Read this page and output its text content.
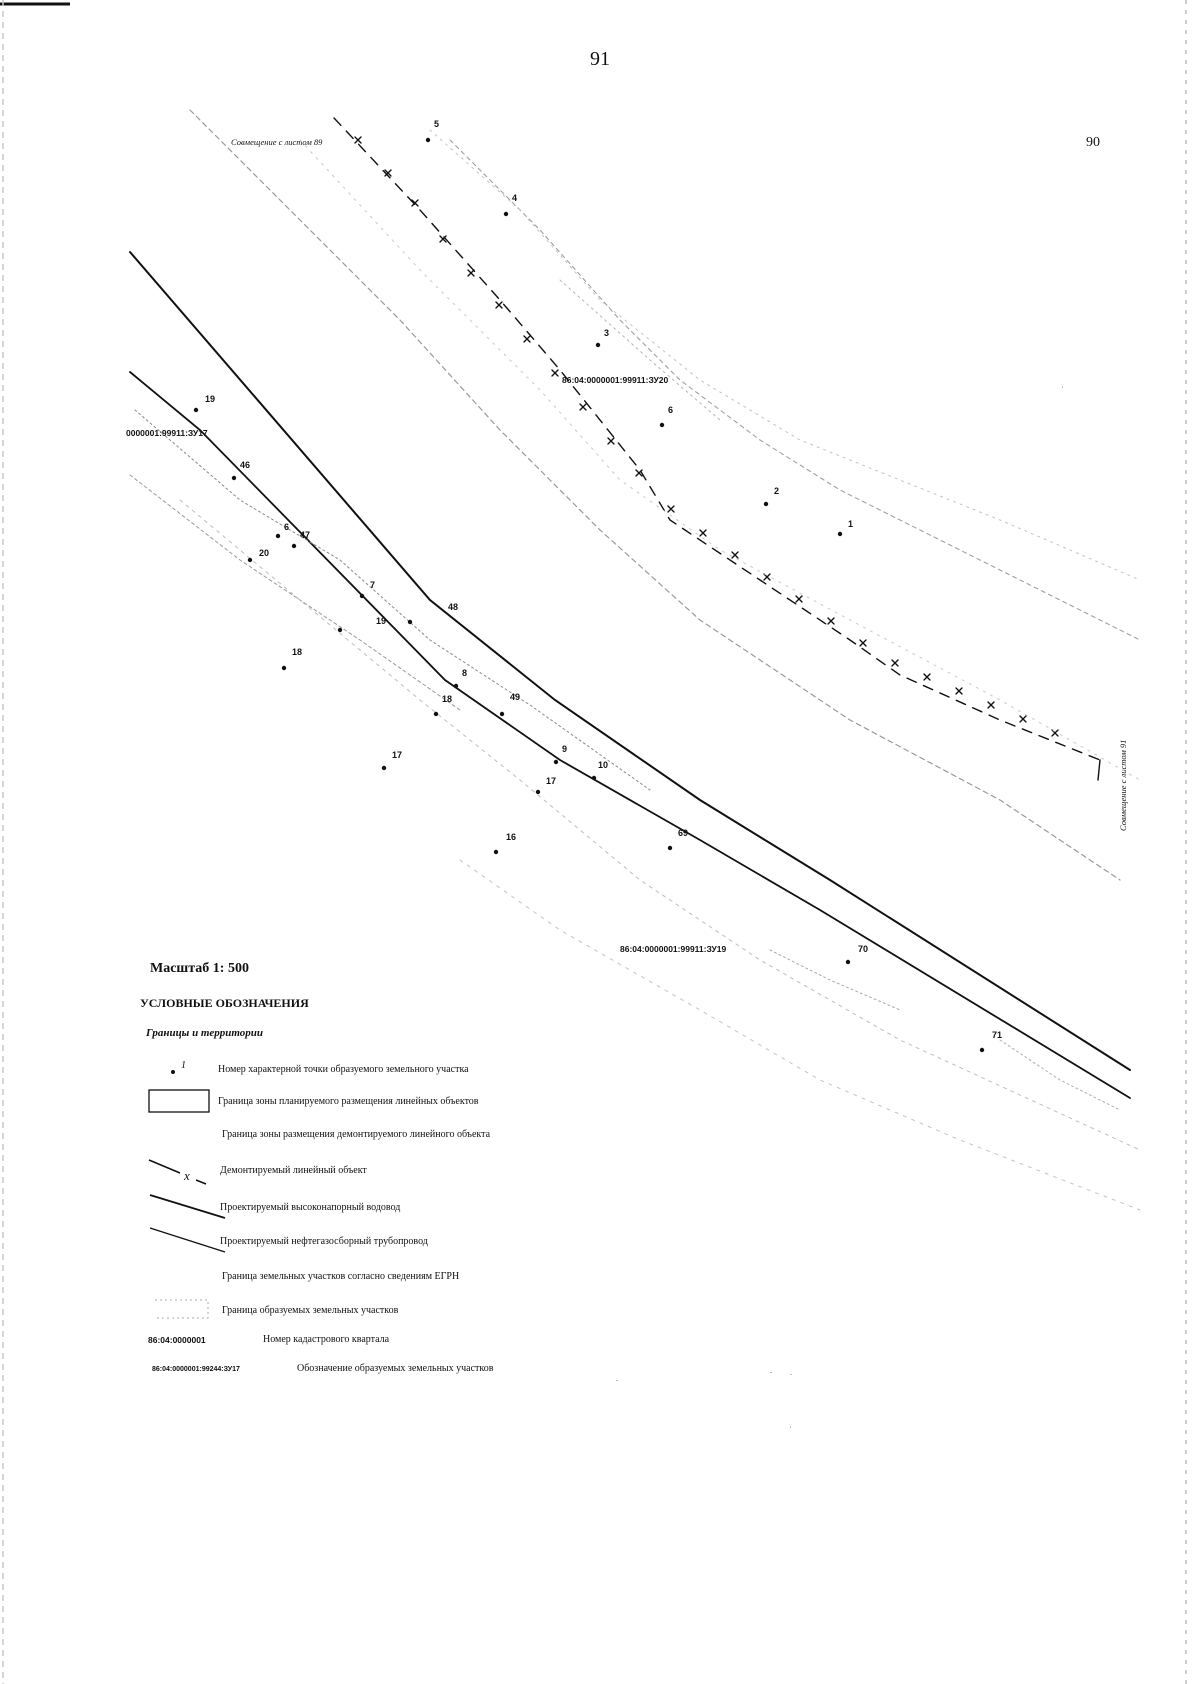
91
90
Совмещение с листом 89
Совмещение с листом 91
5
4
3
6
2
1
46
6
47
20
19
7
19
48
18
8
18	49
17
9
10
17
16	69
70
71
0000001:99911:ЗУ17
86:04:0000001:99911:ЗУ20
86:04:0000001:99911:ЗУ19
Масштаб 1: 500
УСЛОВНЫЕ ОБОЗНАЧЕНИЯ
Границы и территории
1	Номер характерной точки образуемого земельного участка
Граница зоны планируемого размещения линейных объектов
Граница зоны размещения демонтируемого линейного объекта
x	Демонтируемый линейный объект
Проектируемый высоконапорный водовод
Проектируемый нефтегазосборный трубопровод
Граница земельных участков согласно сведениям ЕГРН
Граница образуемых земельных участков
86:04:0000001	Номер кадастрового квартала
86:04:0000001:99244:ЗУ17	Обозначение образуемых земельных участков
